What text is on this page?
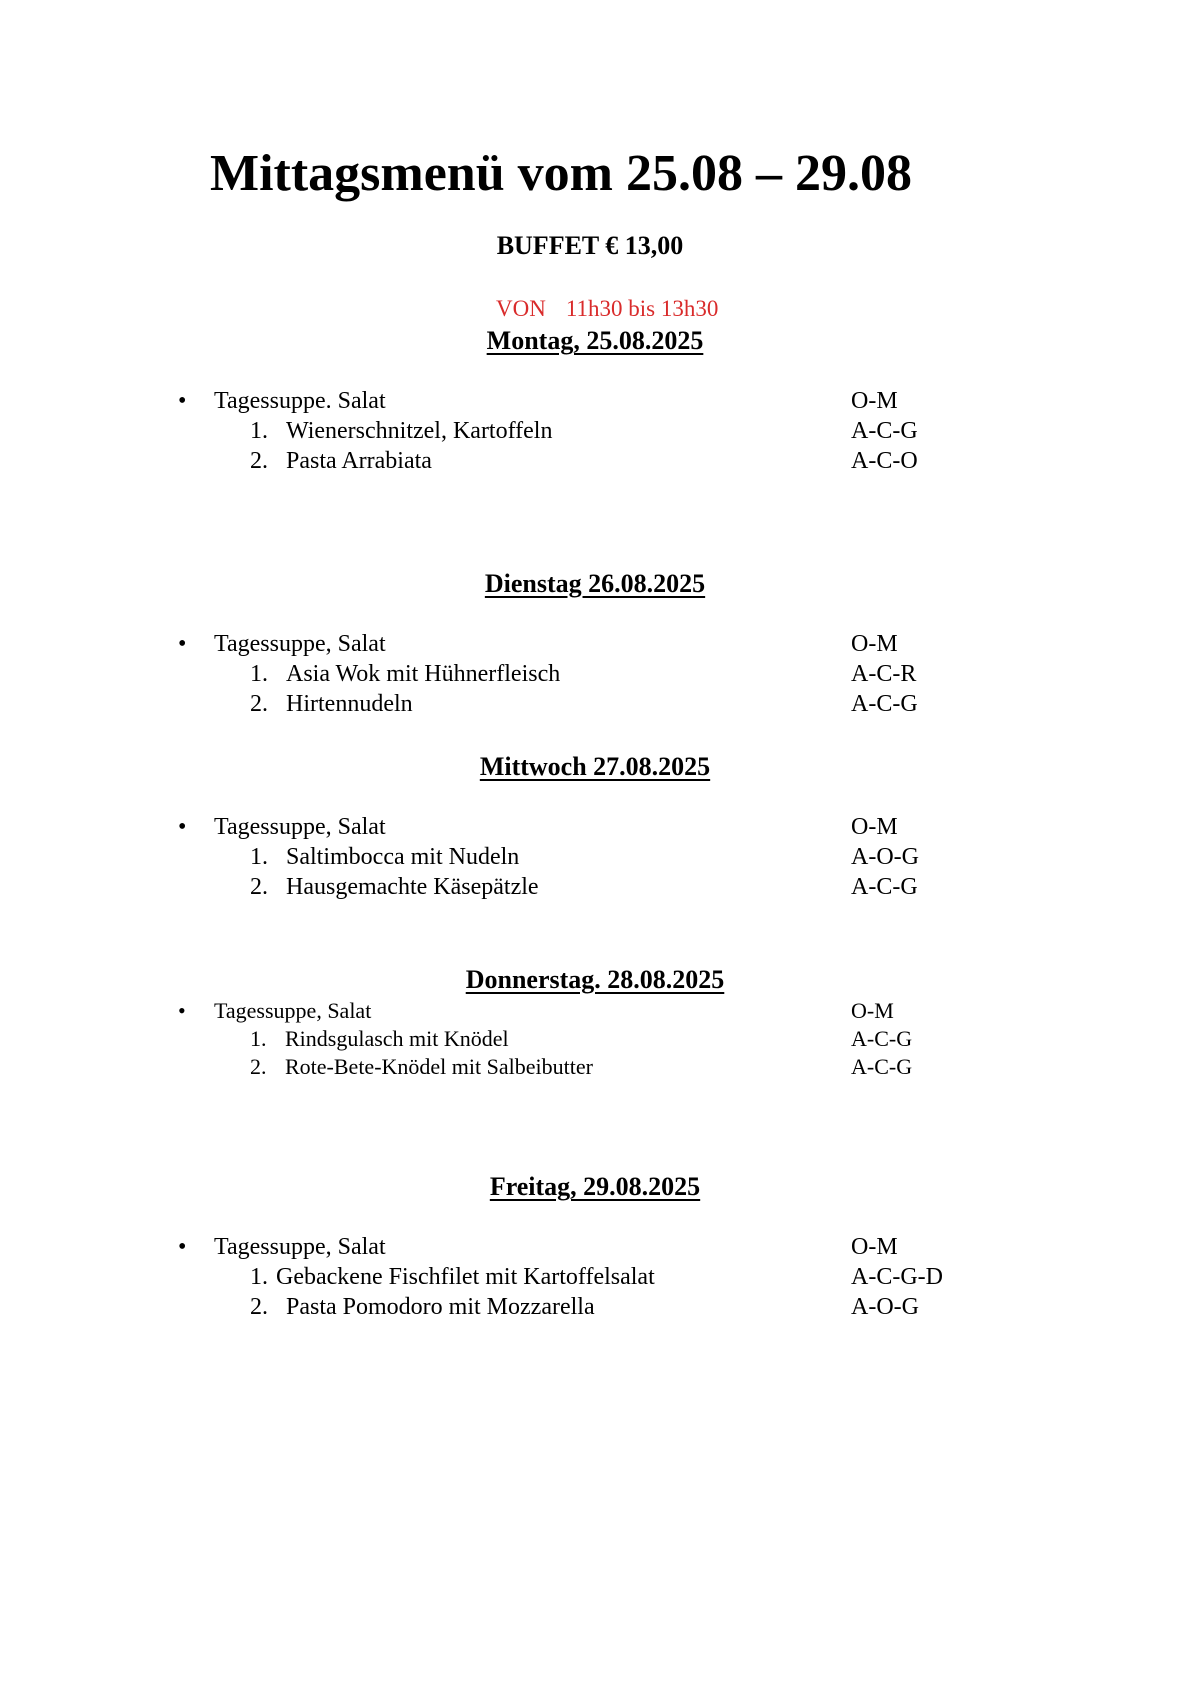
Mittagsmenü vom 25.08 – 29.08
BUFFET € 13,00
VON 11h30 bis 13h30
Montag, 25.08.2025
• Tagessuppe. Salat	O-M
1. Wienerschnitzel, Kartoffeln	A-C-G
2. Pasta Arrabiata	A-C-O
Dienstag 26.08.2025
• Tagessuppe, Salat	O-M
1. Asia Wok mit Hühnerfleisch	A-C-R
2. Hirtennudeln	A-C-G
Mittwoch 27.08.2025
• Tagessuppe, Salat	O-M
1. Saltimbocca mit Nudeln	A-O-G
2. Hausgemachte Käsepätzle	A-C-G
Donnerstag. 28.08.2025
• Tagessuppe, Salat	O-M
1. Rindsgulasch mit Knödel	A-C-G
2. Rote-Bete-Knödel mit Salbeibutter	A-C-G
Freitag, 29.08.2025
• Tagessuppe, Salat	O-M
1. Gebackene Fischfilet mit Kartoffelsalat	A-C-G-D
2. Pasta Pomodoro mit Mozzarella	A-O-G
